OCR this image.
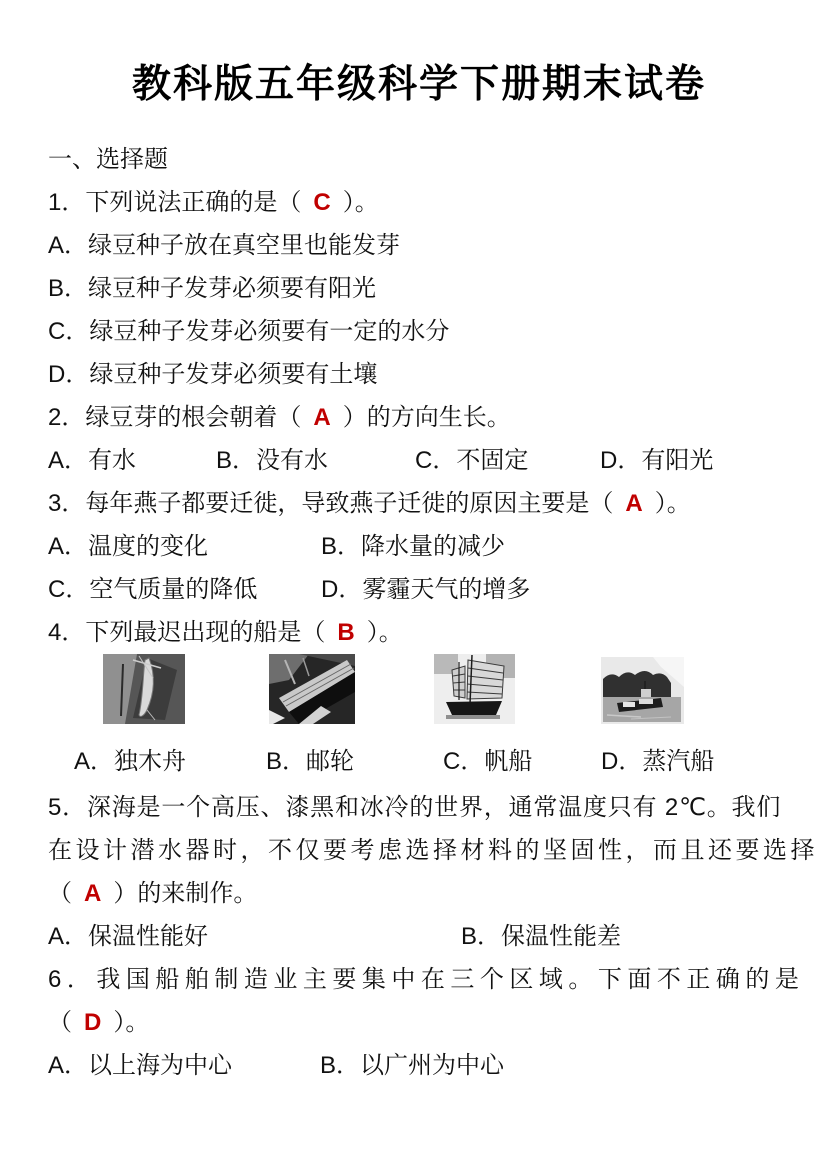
教科版五年级科学下册期末试卷
一、选择题
1．下列说法正确的是（ C ）。
A．绿豆种子放在真空里也能发芽
B．绿豆种子发芽必须要有阳光
C．绿豆种子发芽必须要有一定的水分
D．绿豆种子发芽必须要有土壤
2．绿豆芽的根会朝着（ A ）的方向生长。
A．有水	B．没有水	C．不固定	D．有阳光
3．每年燕子都要迁徙，导致燕子迁徙的原因主要是（ A ）。
A．温度的变化	B．降水量的减少
C．空气质量的降低	D．雾霾天气的增多
4．下列最迟出现的船是（ B ）。
A．独木舟	B．邮轮	C．帆船	D．蒸汽船
5．深海是一个高压、漆黑和冰冷的世界，通常温度只有 2℃。我们
在设计潜水器时，不仅要考虑选择材料的坚固性，而且还要选择
（ A ）的来制作。
A．保温性能好	B．保温性能差
6．我国船舶制造业主要集中在三个区域。下面不正确的是
（ D ）。
A．以上海为中心	B．以广州为中心
